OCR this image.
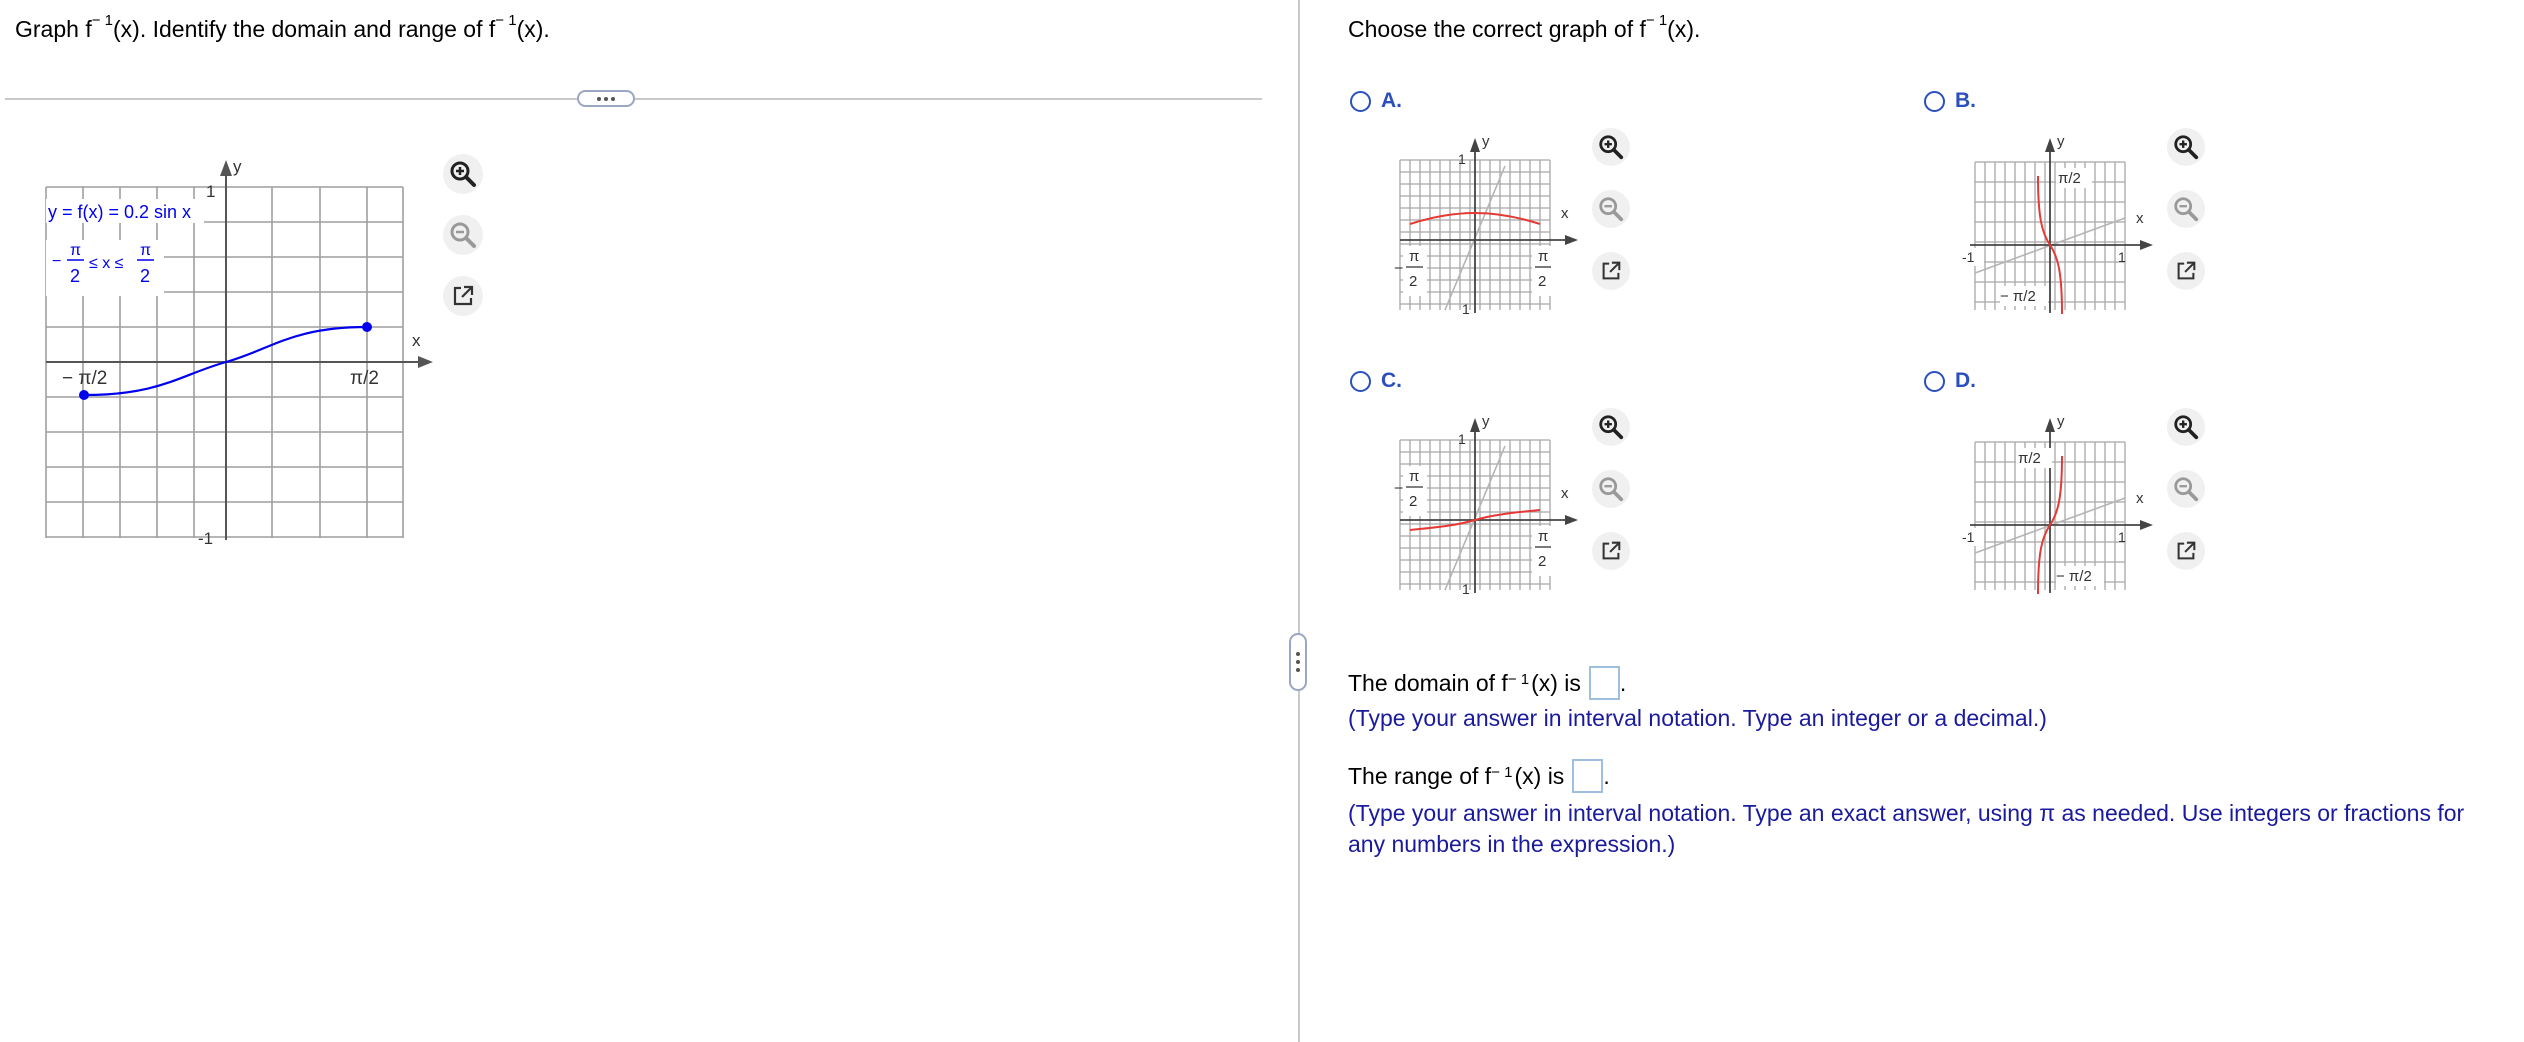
Graph $f^{- 1}(x)$. Identify the domain and range of $f^{- 1}(x)$.
x
y
1
-1
− π/2	π/2
y = f(x) = 0.2 sin x
π
2
− ≤ x ≤
π
2
Choose the correct graph of $f^{- 1}(x)$.
A.	B.
C.	D.
x
y
1
1
π
2
−
π
2
x
y
π/2
-1	1
− π/2
x
y
1
1
π
2
−
π
2
x
y
π/2
-1	1
− π/2
The domain of $f^{- 1}$ (x) is .
(Type your answer in interval notation. Type an integer or a decimal.)
The range of $f^{- 1}$ (x) is .
(Type your answer in interval notation. Type an exact answer, using π as needed. Use integers or fractions for any numbers in the expression.)
